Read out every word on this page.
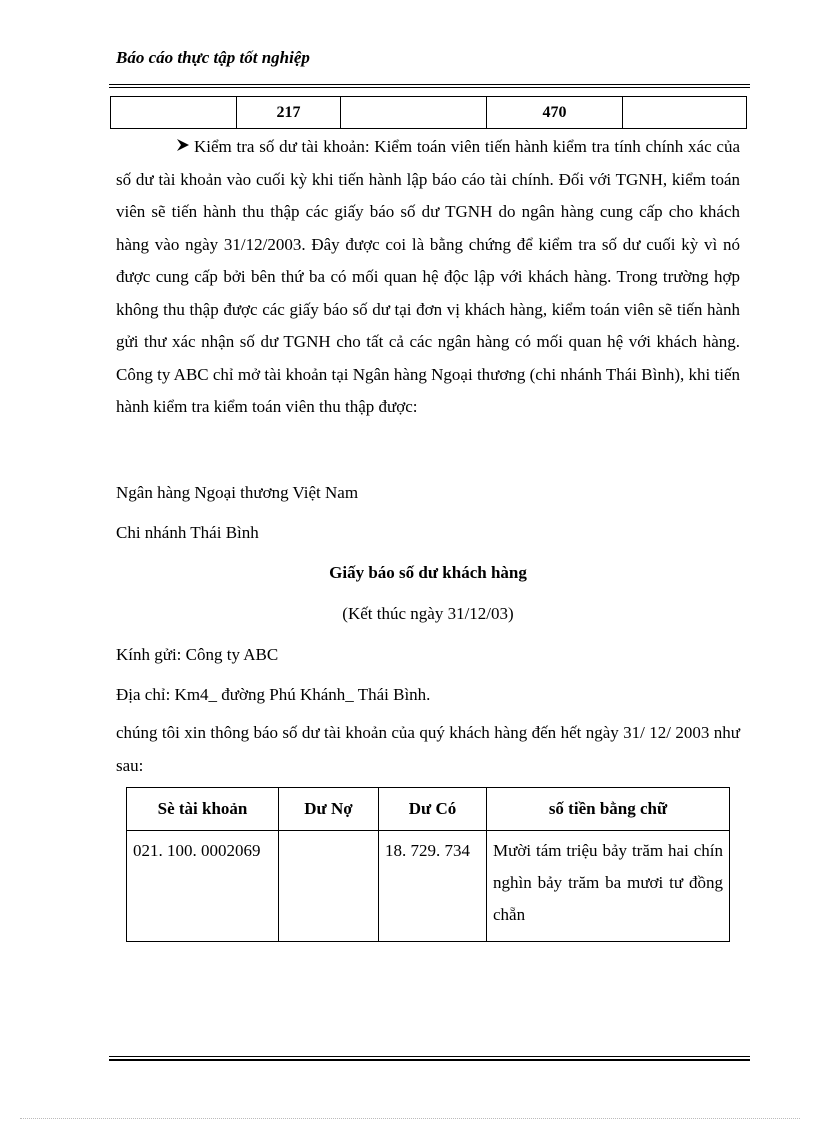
Báo cáo thực tập tốt nghiệp
	217		470	

Kiểm tra số dư tài khoản: Kiểm toán viên tiến hành kiểm tra tính chính xác của số dư tài khoản vào cuối kỳ khi tiến hành lập báo cáo tài chính. Đối với TGNH, kiểm toán viên sẽ tiến hành thu thập các giấy báo số dư TGNH do ngân hàng cung cấp cho khách hàng vào ngày 31/12/2003. Đây được coi là bằng chứng để kiểm tra số dư cuối kỳ vì nó được cung cấp bởi bên thứ ba có mối quan hệ độc lập với khách hàng. Trong trường hợp không thu thập được các giấy báo số dư tại đơn vị khách hàng, kiểm toán viên sẽ tiến hành gửi thư xác nhận số dư TGNH cho tất cả các ngân hàng có mối quan hệ với khách hàng. Công ty ABC chỉ mở tài khoản tại Ngân hàng Ngoại thương (chi nhánh Thái Bình), khi tiến hành kiểm tra kiểm toán viên thu thập được:

Ngân hàng Ngoại thương Việt Nam
Chi nhánh Thái Bình
Giấy báo số dư khách hàng
(Kết thúc ngày 31/12/03)
Kính gửi: Công ty ABC
Địa chỉ: Km4_ đường Phú Khánh_ Thái Bình.

chúng tôi xin thông báo số dư tài khoản của quý khách hàng đến hết ngày 31/ 12/ 2003 như sau:

Sè tài khoản	Dư Nợ	Dư Có	số tiền bằng chữ
021. 100. 0002069		18. 729. 734	Mười tám triệu bảy trăm hai chín nghìn bảy trăm ba mươi tư đồng chẵn
